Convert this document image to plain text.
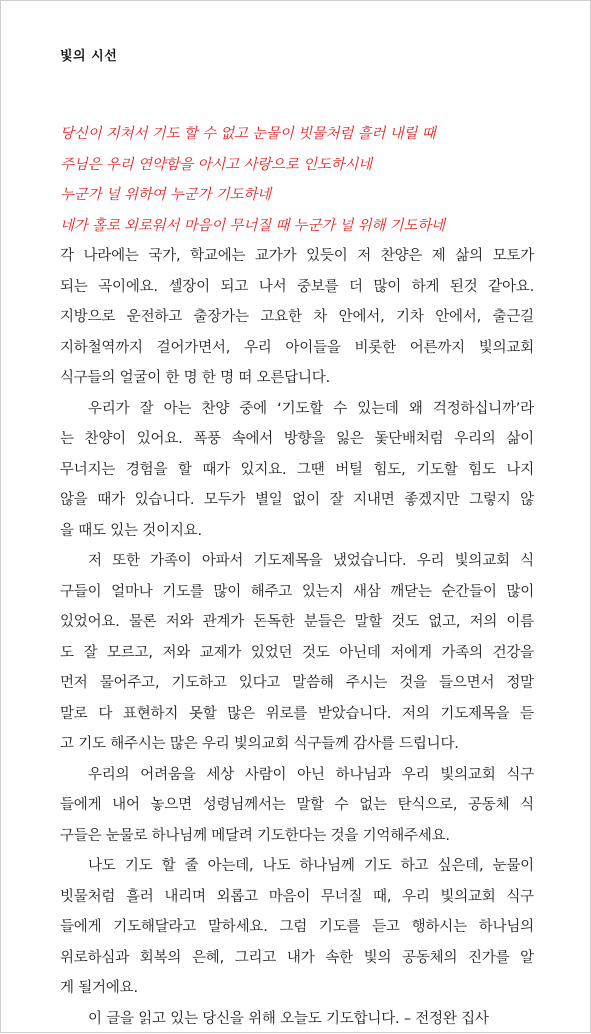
빛의 시선
당신이 지쳐서 기도 할 수 없고 눈물이 빗물처럼 흘러 내릴 때
주님은 우리 연약함을 아시고 사랑으로 인도하시네
누군가 널 위하여 누군가 기도하네
네가 홀로 외로워서 마음이 무너질 때 누군가 널 위해 기도하네
각 나라에는 국가, 학교에는 교가가 있듯이 저 찬양은 제 삶의 모토가
되는 곡이에요. 셀장이 되고 나서 중보를 더 많이 하게 된것 같아요.
지방으로 운전하고 출장가는 고요한 차 안에서, 기차 안에서, 출근길
지하철역까지 걸어가면서, 우리 아이들을 비롯한 어른까지 빛의교회
식구들의 얼굴이 한 명 한 명 떠 오른답니다.
우리가 잘 아는 찬양 중에 ‘기도할 수 있는데 왜 걱정하십니까’라
는 찬양이 있어요. 폭풍 속에서 방향을 잃은 돛단배처럼 우리의 삶이
무너지는 경험을 할 때가 있지요. 그땐 버틸 힘도, 기도할 힘도 나지
않을 때가 있습니다. 모두가 별일 없이 잘 지내면 좋겠지만 그렇지 않
을 때도 있는 것이지요.
저 또한 가족이 아파서 기도제목을 냈었습니다. 우리 빛의교회 식
구들이 얼마나 기도를 많이 해주고 있는지 새삼 깨닫는 순간들이 많이
있었어요. 물론 저와 관계가 돈독한 분들은 말할 것도 없고, 저의 이름
도 잘 모르고, 저와 교제가 있었던 것도 아닌데 저에게 가족의 건강을
먼저 물어주고, 기도하고 있다고 말씀해 주시는 것을 들으면서 정말
말로 다 표현하지 못할 많은 위로를 받았습니다. 저의 기도제목을 듣
고 기도 해주시는 많은 우리 빛의교회 식구들께 감사를 드립니다.
우리의 어려움을 세상 사람이 아닌 하나님과 우리 빛의교회 식구
들에게 내어 놓으면 성령님께서는 말할 수 없는 탄식으로, 공동체 식
구들은 눈물로 하나님께 메달려 기도한다는 것을 기억해주세요.
나도 기도 할 줄 아는데, 나도 하나님께 기도 하고 싶은데, 눈물이
빗물처럼 흘러 내리며 외롭고 마음이 무너질 때, 우리 빛의교회 식구
들에게 기도해달라고 말하세요. 그럼 기도를 듣고 행하시는 하나님의
위로하심과 회복의 은혜, 그리고 내가 속한 빛의 공동체의 진가를 알
게 될거에요.
이 글을 읽고 있는 당신을 위해 오늘도 기도합니다. – 전정완 집사
